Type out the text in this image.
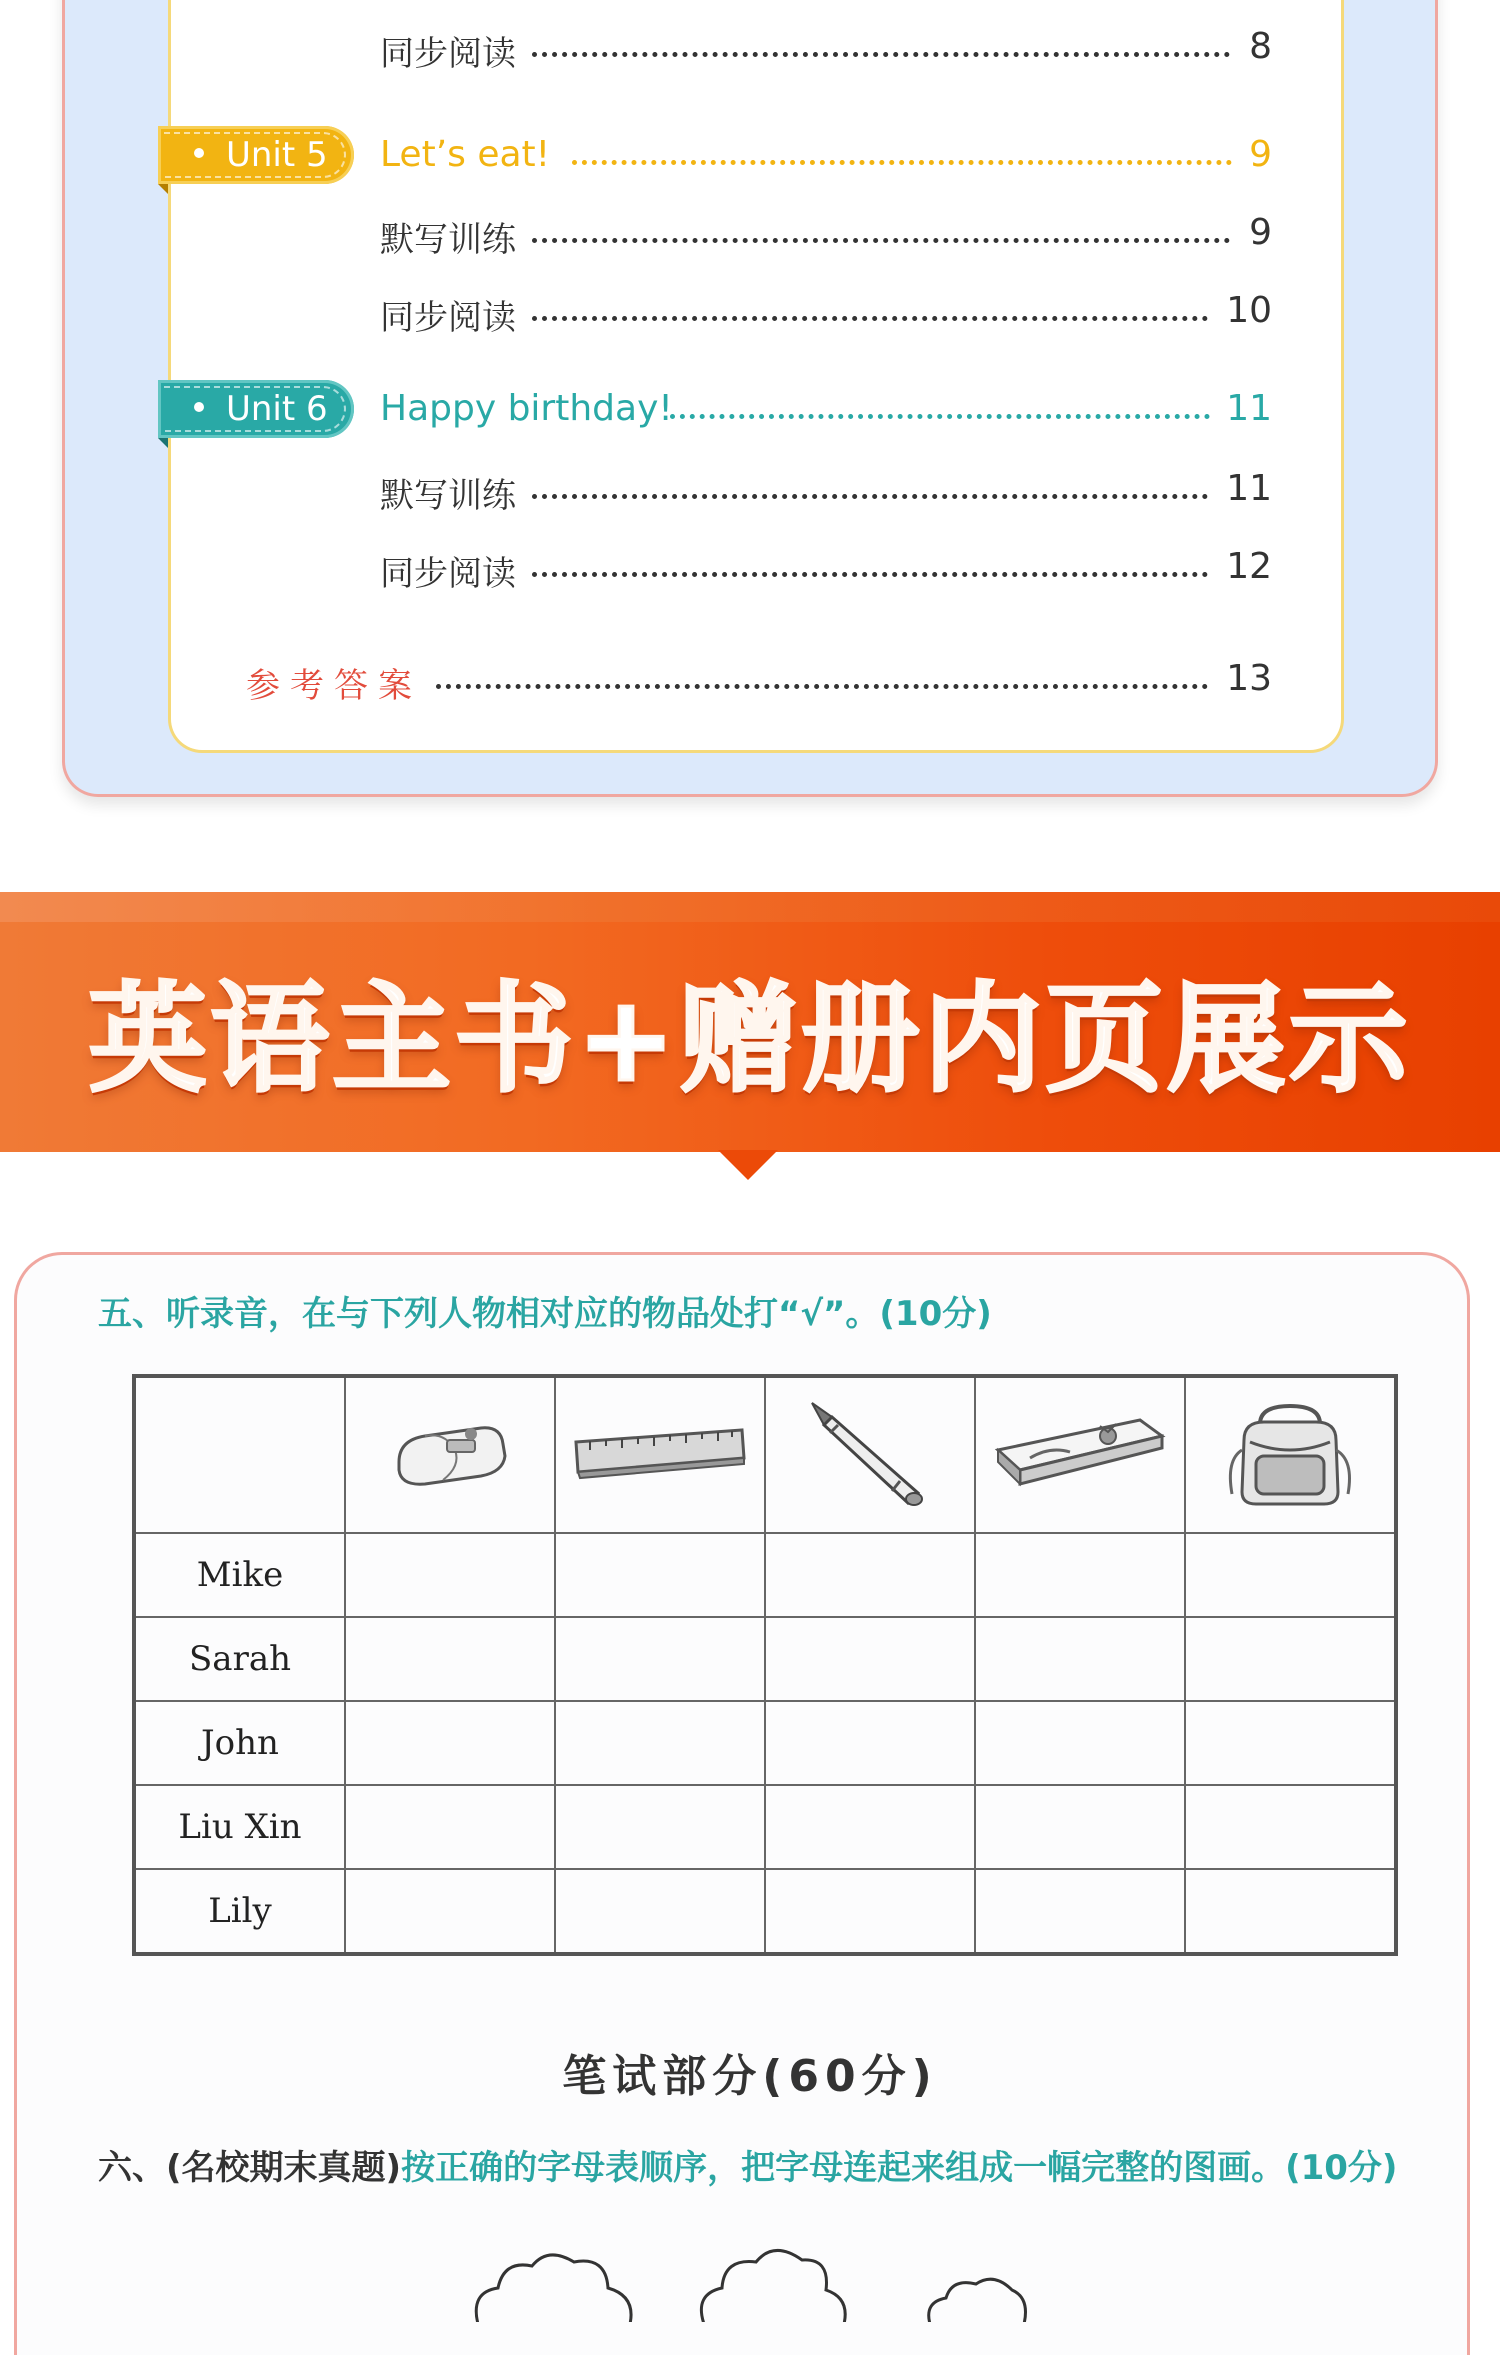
同步阅读	8
Unit 5	Let’s eat!	9
默写训练	9
同步阅读	10
Unit 6	Happy birthday!	11
默写训练	11
同步阅读	12
参考答案	13
英语主书+赠册内页展示
五、听录音，在与下列人物相对应的物品处打“√”。(10分)

Mike					
Sarah					
John					
Liu Xin					
Lily					
笔试部分(60分)
六、(名校期末真题)按正确的字母表顺序，把字母连起来组成一幅完整的图画。(10分)
